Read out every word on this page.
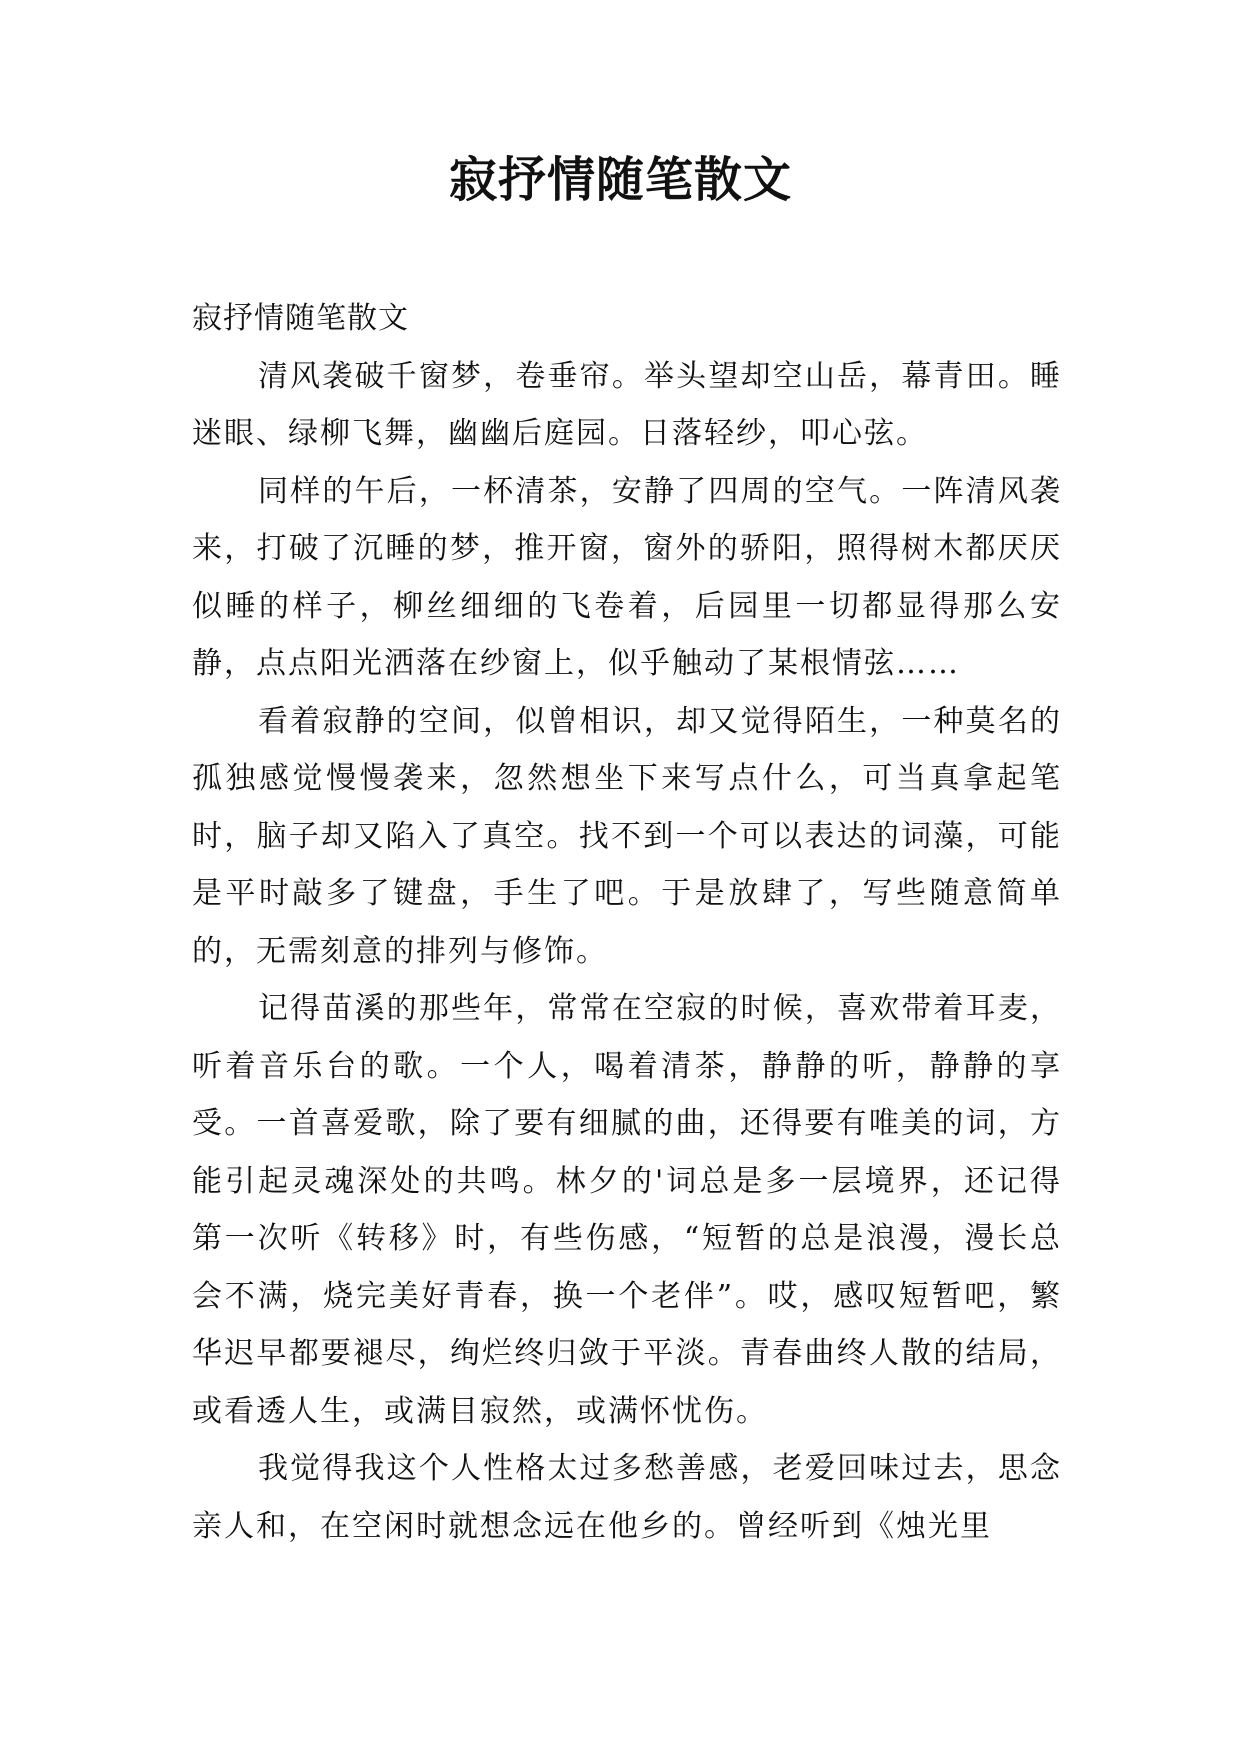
寂抒情随笔散文

寂抒情随笔散文

清风袭破千窗梦，卷垂帘。举头望却空山岳，幕青田。睡迷眼、绿柳飞舞，幽幽后庭园。日落轻纱，叩心弦。

同样的午后，一杯清茶，安静了四周的空气。一阵清风袭来，打破了沉睡的梦，推开窗，窗外的骄阳，照得树木都厌厌似睡的样子，柳丝细细的飞卷着，后园里一切都显得那么安静，点点阳光洒落在纱窗上，似乎触动了某根情弦……

看着寂静的空间，似曾相识，却又觉得陌生，一种莫名的孤独感觉慢慢袭来，忽然想坐下来写点什么，可当真拿起笔时，脑子却又陷入了真空。找不到一个可以表达的词藻，可能是平时敲多了键盘，手生了吧。于是放肆了，写些随意简单的，无需刻意的排列与修饰。

记得苗溪的那些年，常常在空寂的时候，喜欢带着耳麦，听着音乐台的歌。一个人，喝着清茶，静静的听，静静的享受。一首喜爱歌，除了要有细腻的曲，还得要有唯美的词，方能引起灵魂深处的共鸣。林夕的'词总是多一层境界，还记得第一次听《转移》时，有些伤感，“短暂的总是浪漫，漫长总会不满，烧完美好青春，换一个老伴”。哎，感叹短暂吧，繁华迟早都要褪尽，绚烂终归敛于平淡。青春曲终人散的结局，或看透人生，或满目寂然，或满怀忧伤。

我觉得我这个人性格太过多愁善感，老爱回味过去，思念亲人和，在空闲时就想念远在他乡的。曾经听到《烛光里
